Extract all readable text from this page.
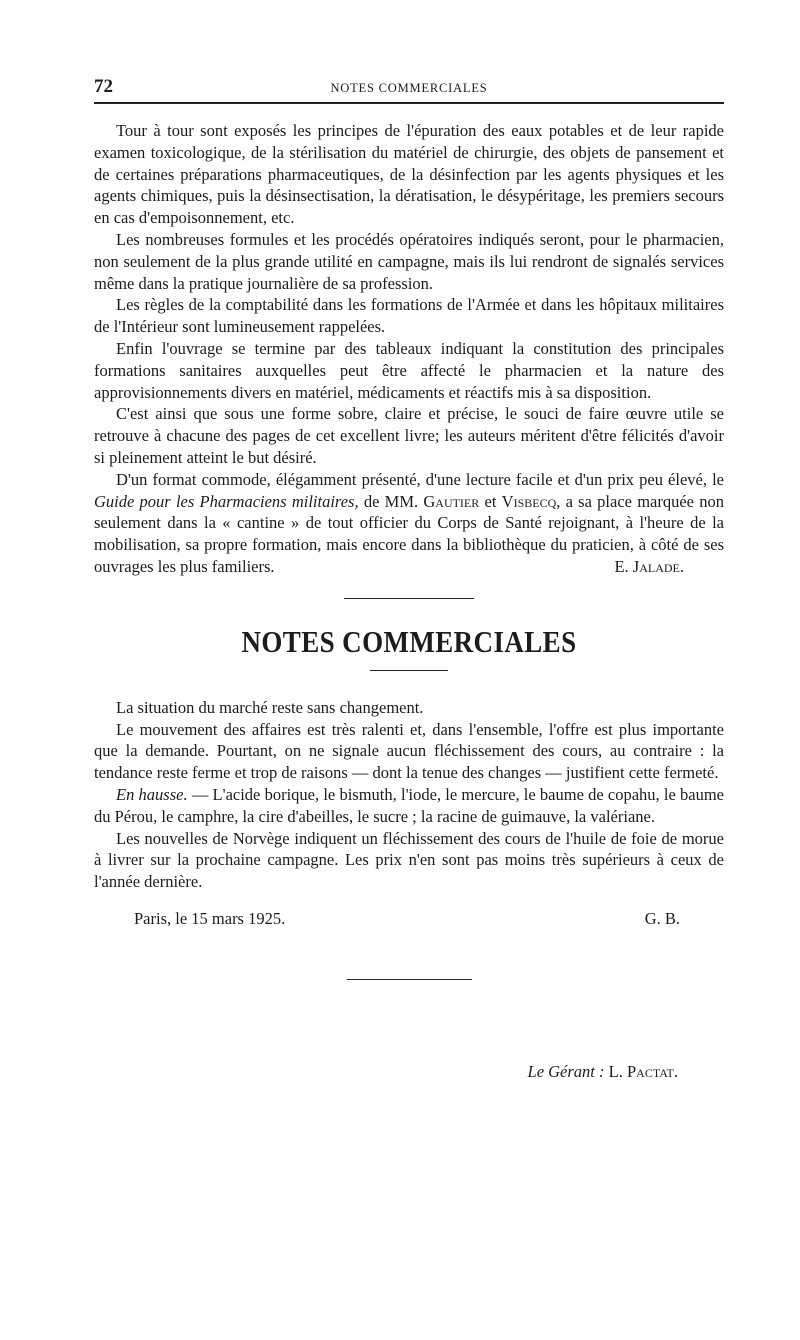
72	NOTES COMMERCIALES

Tour à tour sont exposés les principes de l'épuration des eaux potables et de leur rapide examen toxicologique, de la stérilisation du matériel de chirurgie, des objets de pansement et de certaines préparations pharmaceutiques, de la désinfection par les agents physiques et les agents chimiques, puis la désinsectisation, la dératisation, le désypéritage, les premiers secours en cas d'empoisonnement, etc.

Les nombreuses formules et les procédés opératoires indiqués seront, pour le pharmacien, non seulement de la plus grande utilité en campagne, mais ils lui rendront de signalés services même dans la pratique journalière de sa profession.

Les règles de la comptabilité dans les formations de l'Armée et dans les hôpitaux militaires de l'Intérieur sont lumineusement rappelées.

Enfin l'ouvrage se termine par des tableaux indiquant la constitution des principales formations sanitaires auxquelles peut être affecté le pharmacien et la nature des approvisionnements divers en matériel, médicaments et réactifs mis à sa disposition.

C'est ainsi que sous une forme sobre, claire et précise, le souci de faire œuvre utile se retrouve à chacune des pages de cet excellent livre; les auteurs méritent d'être félicités d'avoir si pleinement atteint le but désiré.

D'un format commode, élégamment présenté, d'une lecture facile et d'un prix peu élevé, le Guide pour les Pharmaciens militaires, de MM. Gautier et Visbecq, a sa place marquée non seulement dans la « cantine » de tout officier du Corps de Santé rejoignant, à l'heure de la mobilisation, sa propre formation, mais encore dans la bibliothèque du praticien, à côté de ses ouvrages les plus familiers.	E. Jalade.
NOTES COMMERCIALES

La situation du marché reste sans changement.

Le mouvement des affaires est très ralenti et, dans l'ensemble, l'offre est plus importante que la demande. Pourtant, on ne signale aucun fléchissement des cours, au contraire : la tendance reste ferme et trop de raisons — dont la tenue des changes — justifient cette fermeté.

En hausse. — L'acide borique, le bismuth, l'iode, le mercure, le baume de copahu, le baume du Pérou, le camphre, la cire d'abeilles, le sucre ; la racine de guimauve, la valériane.

Les nouvelles de Norvège indiquent un fléchissement des cours de l'huile de foie de morue à livrer sur la prochaine campagne. Les prix n'en sont pas moins très supérieurs à ceux de l'année dernière.

Paris, le 15 mars 1925.	G. B.
Le Gérant : L. Pactat.
